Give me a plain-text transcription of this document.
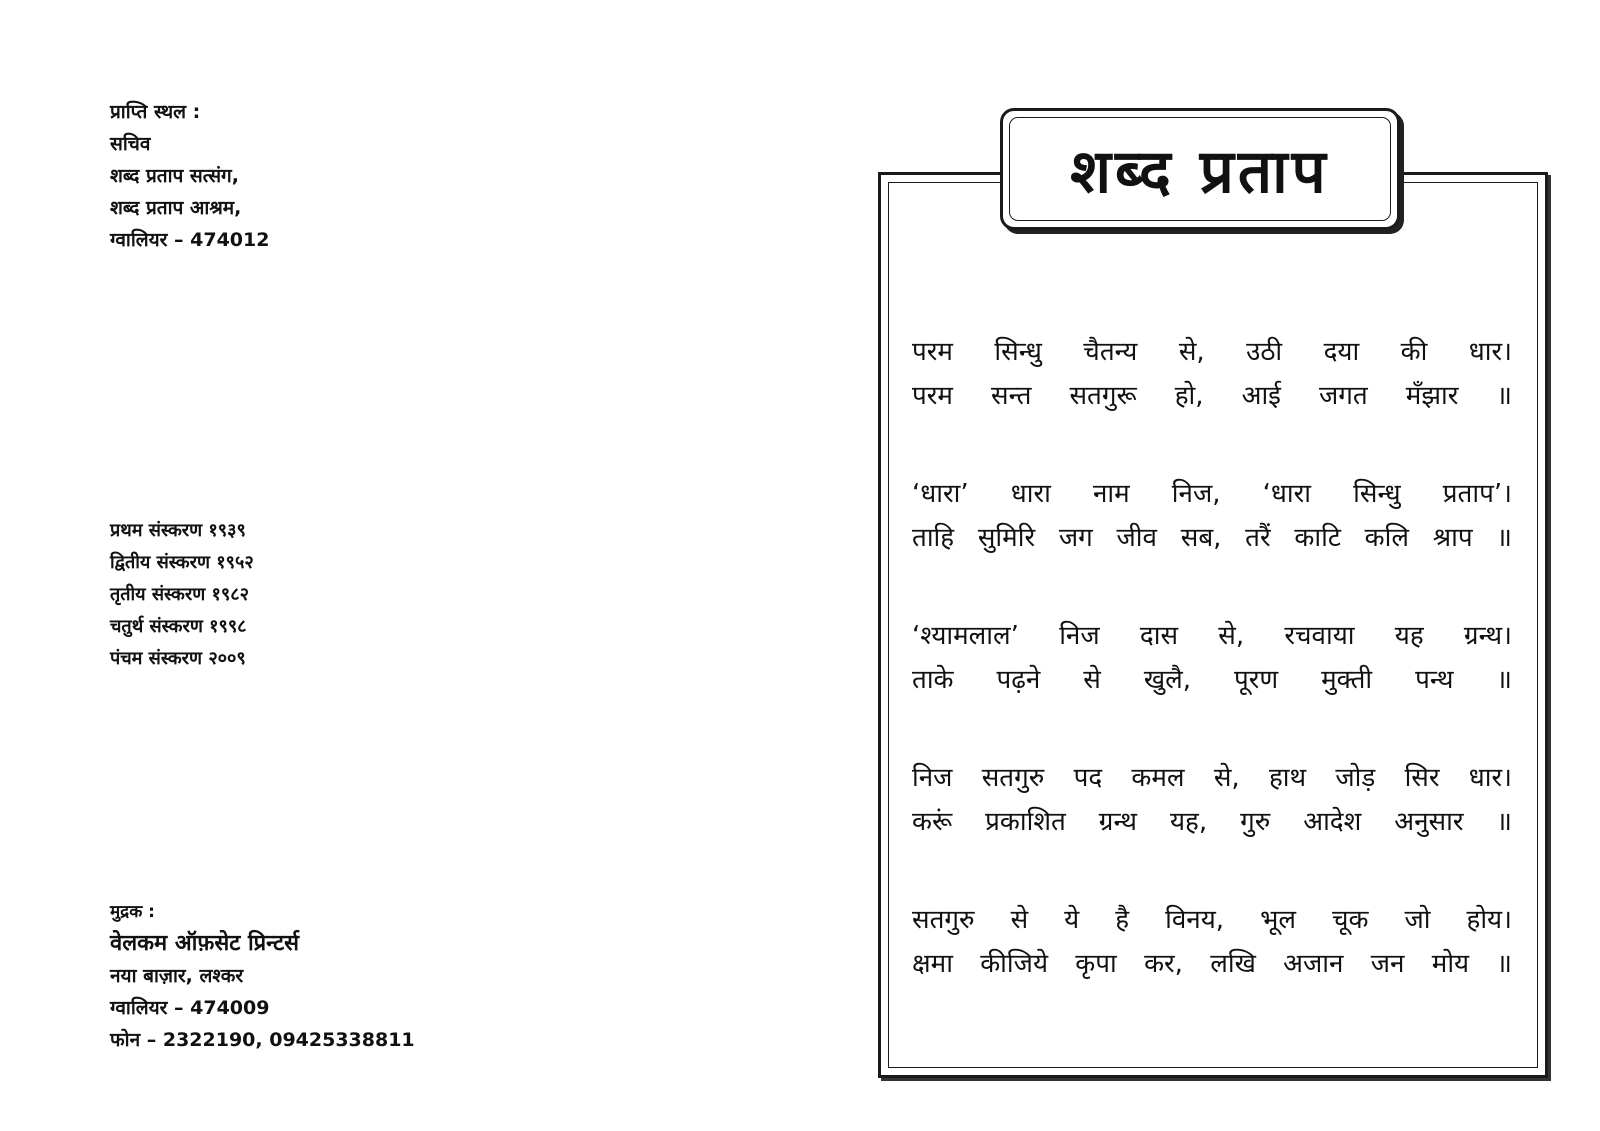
प्राप्ति स्थल :
सचिव
शब्द प्रताप सत्संग,
शब्द प्रताप आश्रम,
ग्वालियर – 474012
प्रथम संस्करण १९३९
द्वितीय संस्करण १९५२
तृतीय संस्करण १९८२
चतुर्थ संस्करण १९९८
पंचम संस्करण २००९
मुद्रक :
वेलकम ऑफ़सेट प्रिन्टर्स
नया बाज़ार, लश्कर
ग्वालियर – 474009
फोन – 2322190, 09425338811
शब्द प्रताप
परम सिन्धु चैतन्य से, उठी दया की धार।
परम सन्त सतगुरू हो, आई जगत मँझार ॥
‘धारा’ धारा नाम निज, ‘धारा सिन्धु प्रताप’।
ताहि सुमिरि जग जीव सब, तरैं काटि कलि श्राप ॥
‘श्यामलाल’ निज दास से, रचवाया यह ग्रन्थ।
ताके पढ़ने से खुलै, पूरण मुक्ती पन्थ ॥
निज सतगुरु पद कमल से, हाथ जोड़ सिर धार।
करूं प्रकाशित ग्रन्थ यह, गुरु आदेश अनुसार ॥
सतगुरु से ये है विनय, भूल चूक जो होय।
क्षमा कीजिये कृपा कर, लखि अजान जन मोय ॥
